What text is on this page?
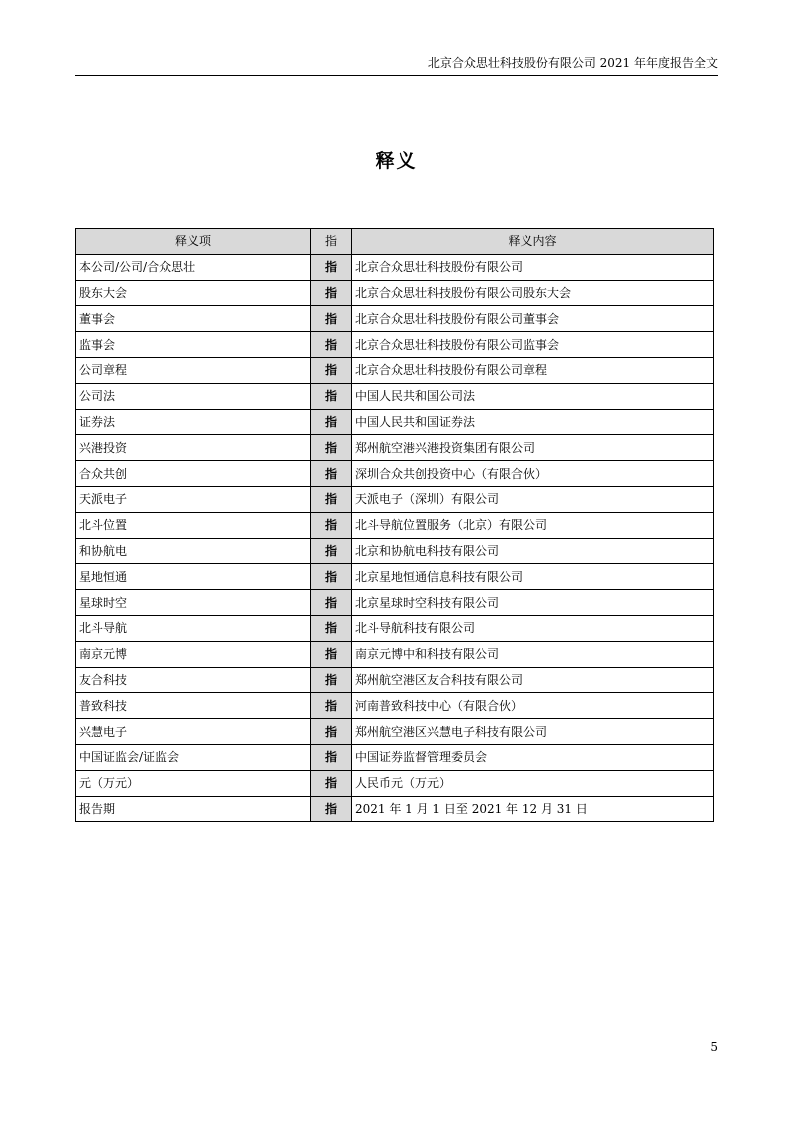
北京合众思壮科技股份有限公司 2021 年年度报告全文
释义
释义项	指	释义内容
本公司/公司/合众思壮	指	北京合众思壮科技股份有限公司
股东大会	指	北京合众思壮科技股份有限公司股东大会
董事会	指	北京合众思壮科技股份有限公司董事会
监事会	指	北京合众思壮科技股份有限公司监事会
公司章程	指	北京合众思壮科技股份有限公司章程
公司法	指	中国人民共和国公司法
证券法	指	中国人民共和国证券法
兴港投资	指	郑州航空港兴港投资集团有限公司
合众共创	指	深圳合众共创投资中心（有限合伙）
天派电子	指	天派电子（深圳）有限公司
北斗位置	指	北斗导航位置服务（北京）有限公司
和协航电	指	北京和协航电科技有限公司
星地恒通	指	北京星地恒通信息科技有限公司
星球时空	指	北京星球时空科技有限公司
北斗导航	指	北斗导航科技有限公司
南京元博	指	南京元博中和科技有限公司
友合科技	指	郑州航空港区友合科技有限公司
普致科技	指	河南普致科技中心（有限合伙）
兴慧电子	指	郑州航空港区兴慧电子科技有限公司
中国证监会/证监会	指	中国证券监督管理委员会
元（万元）	指	人民币元（万元）
报告期	指	2021 年 1 月 1 日至 2021 年 12 月 31 日
5
